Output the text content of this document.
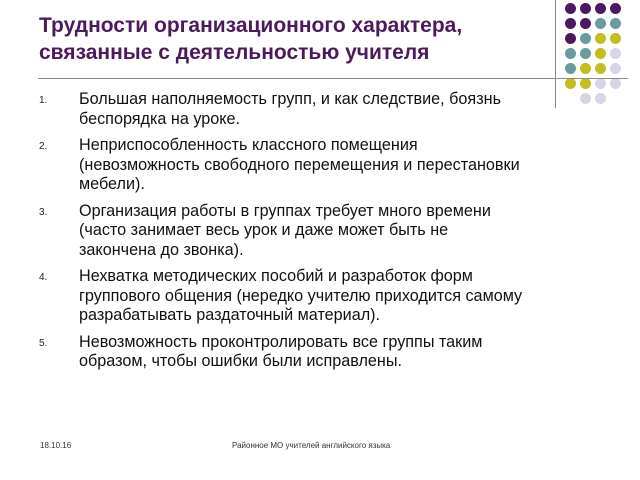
Трудности организационного характера,
связанные с деятельностью учителя
1.	Большая наполняемость групп, и как следствие, боязнь
беспорядка на уроке.
2.	Неприспособленность классного помещения
(невозможность свободного перемещения и перестановки
мебели).
3.	Организация работы в группах требует много времени
(часто занимает весь урок и даже может быть не
закончена до звонка).
4.	Нехватка методических пособий и разработок форм
группового общения (нередко учителю приходится самому
разрабатывать раздаточный материал).
5.	Невозможность проконтролировать все группы таким
образом, чтобы ошибки были исправлены.
18.10.16	Районное МО учителей английского языка
